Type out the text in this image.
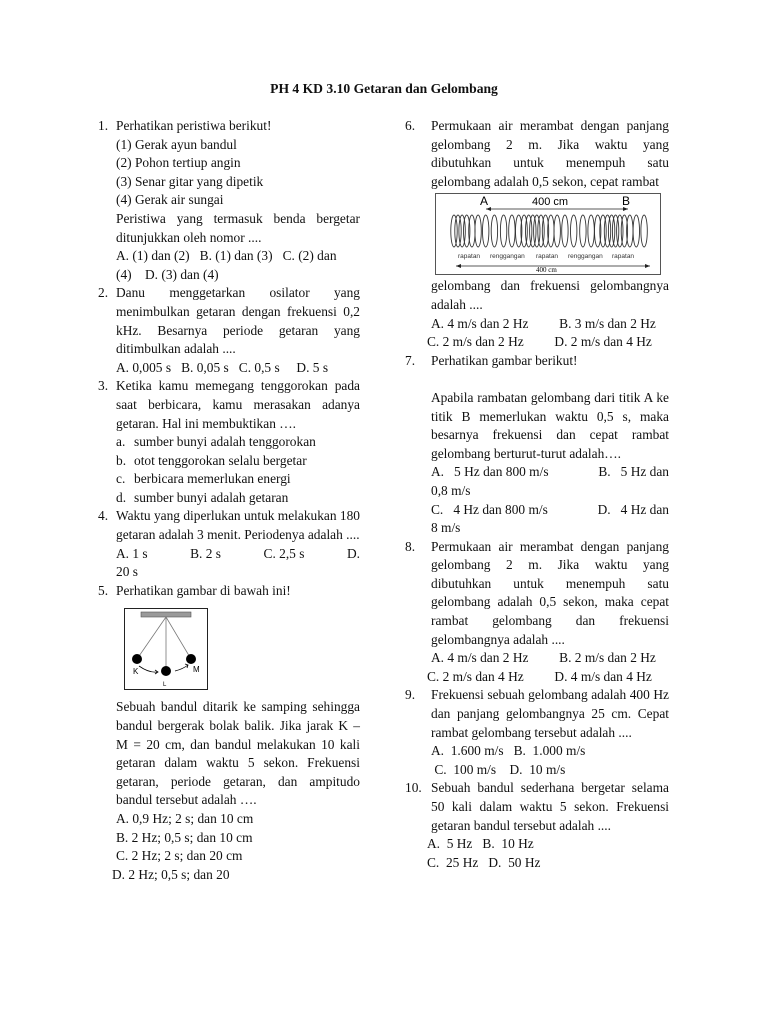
PH 4 KD 3.10 Getaran dan Gelombang
1. Perhatikan peristiwa berikut!
(1) Gerak ayun bandul
(2) Pohon tertiup angin
(3) Senar gitar yang dipetik
(4) Gerak air sungai
Peristiwa yang termasuk benda bergetar ditunjukkan oleh nomor ....
A. (1) dan (2)   B. (1) dan (3)   C. (2) dan
(4)    D. (3) dan (4)
2. Danu menggetarkan osilator yang menimbulkan getaran dengan frekuensi 0,2 kHz. Besarnya periode getaran yang ditimbulkan adalah ....
A. 0,005 s   B. 0,05 s   C. 0,5 s     D. 5 s
3. Ketika kamu memegang tenggorokan pada saat berbicara, kamu merasakan adanya getaran. Hal ini membuktikan ….
a. sumber bunyi adalah tenggorokan
b. otot tenggorokan selalu bergetar
c. berbicara memerlukan energi
d. sumber bunyi adalah getaran
4. Waktu yang diperlukan untuk melakukan 180 getaran adalah 3 menit. Periodenya adalah ....
A. 1 s	B. 2 s	C. 2,5 s	D.
20 s
5. Perhatikan gambar di bawah ini!
K
L
M
Sebuah bandul ditarik ke samping sehingga bandul bergerak bolak balik. Jika jarak K – M = 20 cm, dan bandul melakukan 10 kali getaran dalam waktu 5 sekon. Frekuensi getaran, periode getaran, dan ampitudo bandul tersebut adalah ….
A. 0,9 Hz; 2 s; dan 10 cm
B. 2 Hz; 0,5 s; dan 10 cm
C. 2 Hz; 2 s; dan 20 cm
D. 2 Hz; 0,5 s; dan 20
6. Permukaan air merambat dengan panjang gelombang 2 m. Jika waktu yang dibutuhkan untuk menempuh satu gelombang adalah 0,5 sekon, cepat rambat
A	400 cm	B
rapatan renggangan rapatan renggangan rapatan
400 cm
gelombang dan frekuensi gelombangnya adalah ....
A. 4 m/s dan 2 Hz B. 3 m/s dan 2 Hz
C. 2 m/s dan 2 Hz D. 2 m/s dan 4 Hz
7. Perhatikan gambar berikut!
Apabila rambatan gelombang dari titik A ke titik B memerlukan waktu 0,5 s, maka besarnya frekuensi dan cepat rambat gelombang berturut-turut adalah….
A.   5 Hz dan 800 m/s	B.   5 Hz dan
0,8 m/s
C.   4 Hz dan 800 m/s	D.   4 Hz dan
8 m/s
8. Permukaan air merambat dengan panjang gelombang 2 m. Jika waktu yang dibutuhkan untuk menempuh satu gelombang adalah 0,5 sekon, maka cepat rambat gelombang dan frekuensi gelombangnya adalah ....
A. 4 m/s dan 2 Hz B. 2 m/s dan 2 Hz
C. 2 m/s dan 4 Hz D. 4 m/s dan 4 Hz
9. Frekuensi sebuah gelombang adalah 400 Hz dan panjang gelombangnya 25 cm. Cepat rambat gelombang tersebut adalah ....
A.  1.600 m/s   B.  1.000 m/s
C.  100 m/s    D.  10 m/s
10. Sebuah bandul sederhana bergetar selama 50 kali dalam waktu 5 sekon. Frekuensi getaran bandul tersebut adalah ....
A.  5 Hz   B.  10 Hz
C.  25 Hz   D.  50 Hz
